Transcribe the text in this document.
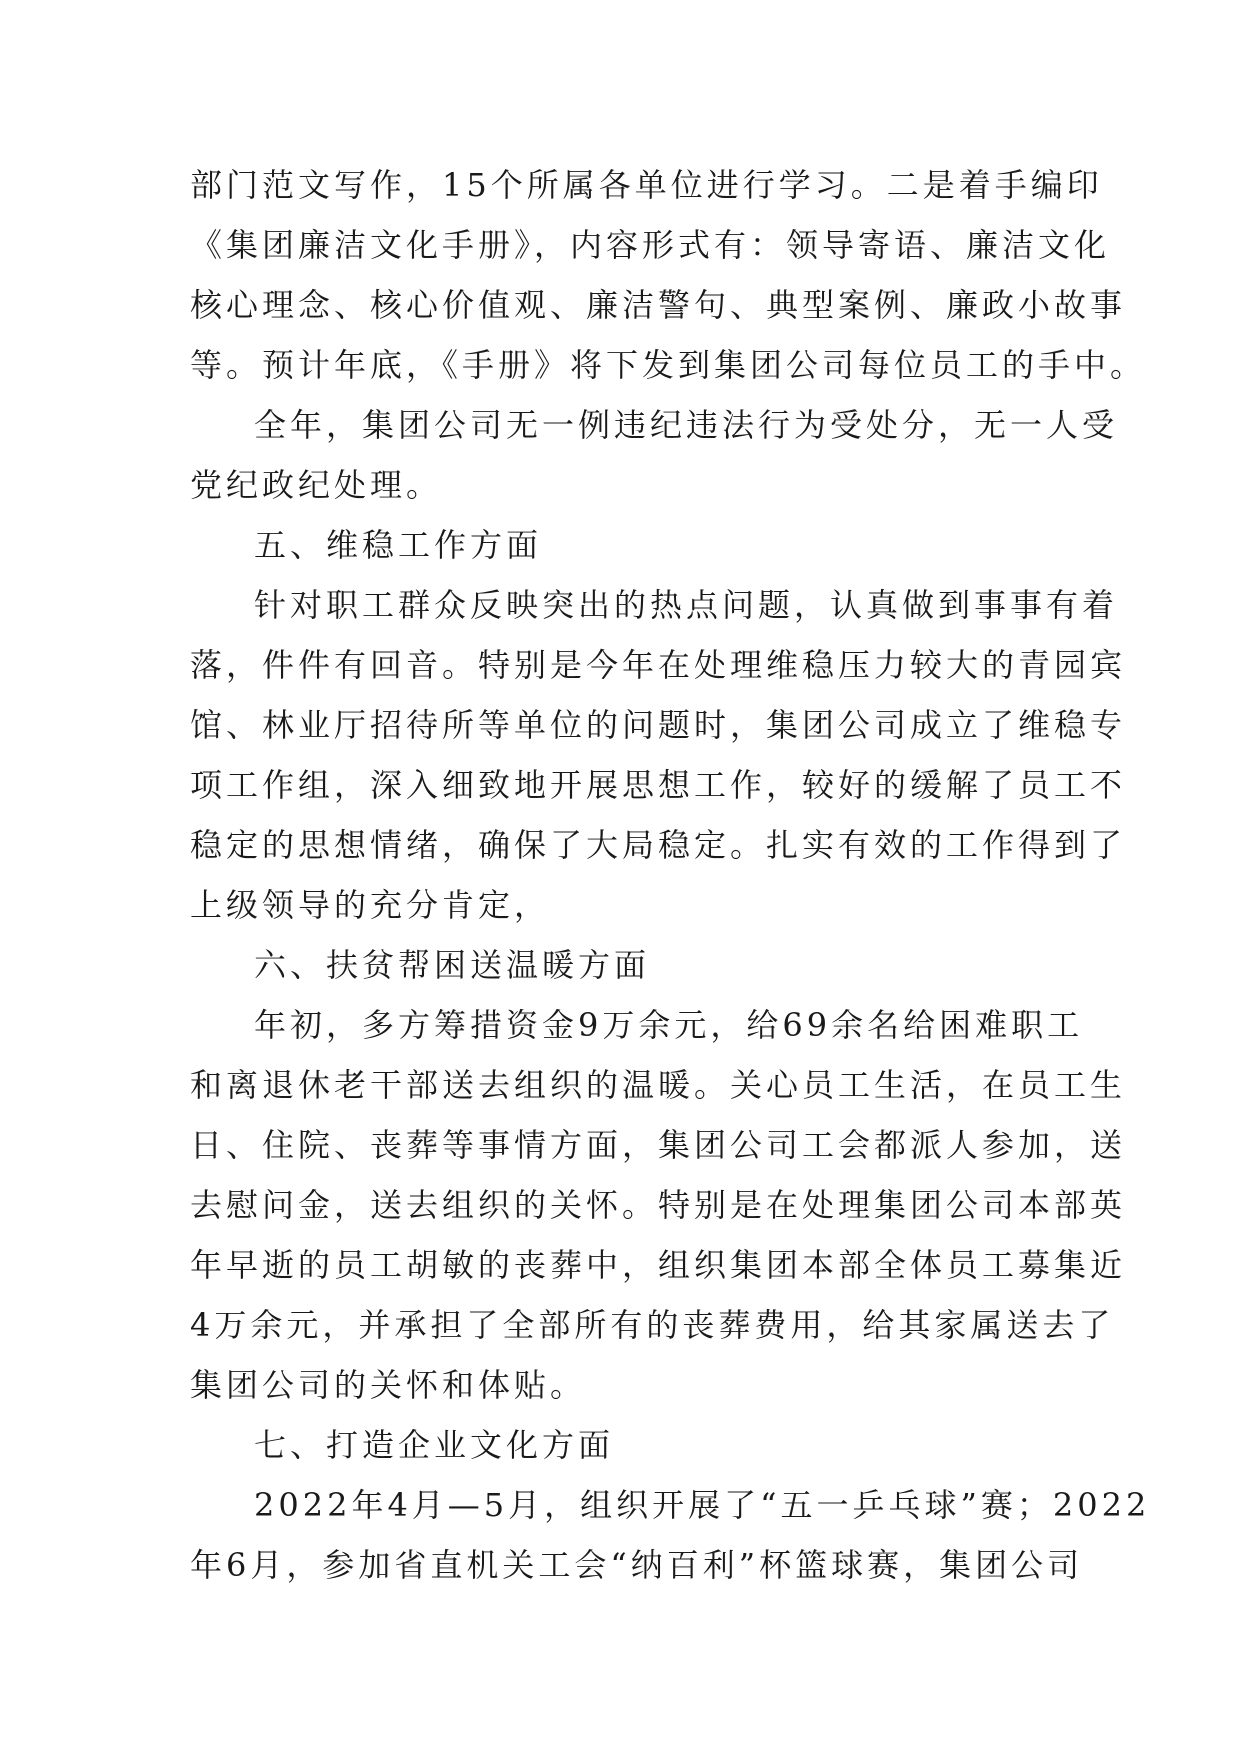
部门范文写作，15个所属各单位进行学习。二是着手编印
《集团廉洁文化手册》，内容形式有：领导寄语、廉洁文化
核心理念、核心价值观、廉洁警句、典型案例、廉政小故事
等。预计年底，《手册》将下发到集团公司每位员工的手中。
全年，集团公司无一例违纪违法行为受处分，无一人受
党纪政纪处理。
五、维稳工作方面
针对职工群众反映突出的热点问题，认真做到事事有着
落，件件有回音。特别是今年在处理维稳压力较大的青园宾
馆、林业厅招待所等单位的问题时，集团公司成立了维稳专
项工作组，深入细致地开展思想工作，较好的缓解了员工不
稳定的思想情绪，确保了大局稳定。扎实有效的工作得到了
上级领导的充分肯定，
六、扶贫帮困送温暖方面
年初，多方筹措资金9万余元，给69余名给困难职工
和离退休老干部送去组织的温暖。关心员工生活，在员工生
日、住院、丧葬等事情方面，集团公司工会都派人参加，送
去慰问金，送去组织的关怀。特别是在处理集团公司本部英
年早逝的员工胡敏的丧葬中，组织集团本部全体员工募集近
4万余元，并承担了全部所有的丧葬费用，给其家属送去了
集团公司的关怀和体贴。
七、打造企业文化方面
2022年4月—5月，组织开展了“五一乒乓球”赛；2022
年6月，参加省直机关工会“纳百利”杯篮球赛，集团公司
